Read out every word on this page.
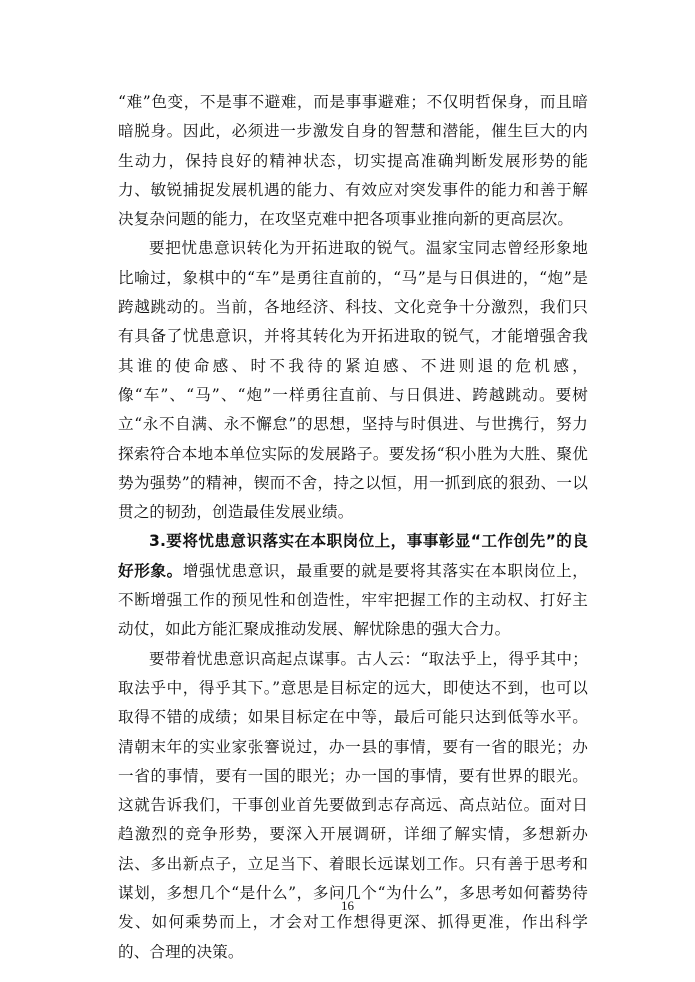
“难”色变，不是事不避难，而是事事避难；不仅明哲保身，而且暗暗脱身。因此，必须进一步激发自身的智慧和潜能，催生巨大的内生动力，保持良好的精神状态，切实提高准确判断发展形势的能力、敏锐捕捉发展机遇的能力、有效应对突发事件的能力和善于解决复杂问题的能力，在攻坚克难中把各项事业推向新的更高层次。

要把忧患意识转化为开拓进取的锐气。温家宝同志曾经形象地比喻过，象棋中的“车”是勇往直前的，“马”是与日俱进的，“炮”是跨越跳动的。当前，各地经济、科技、文化竞争十分激烈，我们只有具备了忧患意识，并将其转化为开拓进取的锐气，才能增强舍我其谁的使命感、时不我待的紧迫感、不进则退的危机感，像“车”、“马”、“炮”一样勇往直前、与日俱进、跨越跳动。要树立“永不自满、永不懈怠”的思想，坚持与时俱进、与世携行，努力探索符合本地本单位实际的发展路子。要发扬“积小胜为大胜、聚优势为强势”的精神，锲而不舍，持之以恒，用一抓到底的狠劲、一以贯之的韧劲，创造最佳发展业绩。

3.要将忧患意识落实在本职岗位上，事事彰显“工作创先”的良好形象。增强忧患意识，最重要的就是要将其落实在本职岗位上，不断增强工作的预见性和创造性，牢牢把握工作的主动权、打好主动仗，如此方能汇聚成推动发展、解忧除患的强大合力。

要带着忧患意识高起点谋事。古人云：“取法乎上，得乎其中；取法乎中，得乎其下。”意思是目标定的远大，即使达不到，也可以取得不错的成绩；如果目标定在中等，最后可能只达到低等水平。清朝末年的实业家张謇说过，办一县的事情，要有一省的眼光；办一省的事情，要有一国的眼光；办一国的事情，要有世界的眼光。这就告诉我们，干事创业首先要做到志存高远、高点站位。面对日趋激烈的竞争形势，要深入开展调研，详细了解实情，多想新办法、多出新点子，立足当下、着眼长远谋划工作。只有善于思考和谋划，多想几个“是什么”，多问几个“为什么”，多思考如何蓄势待发、如何乘势而上，才会对工作想得更深、抓得更准，作出科学的、合理的决策。

16
